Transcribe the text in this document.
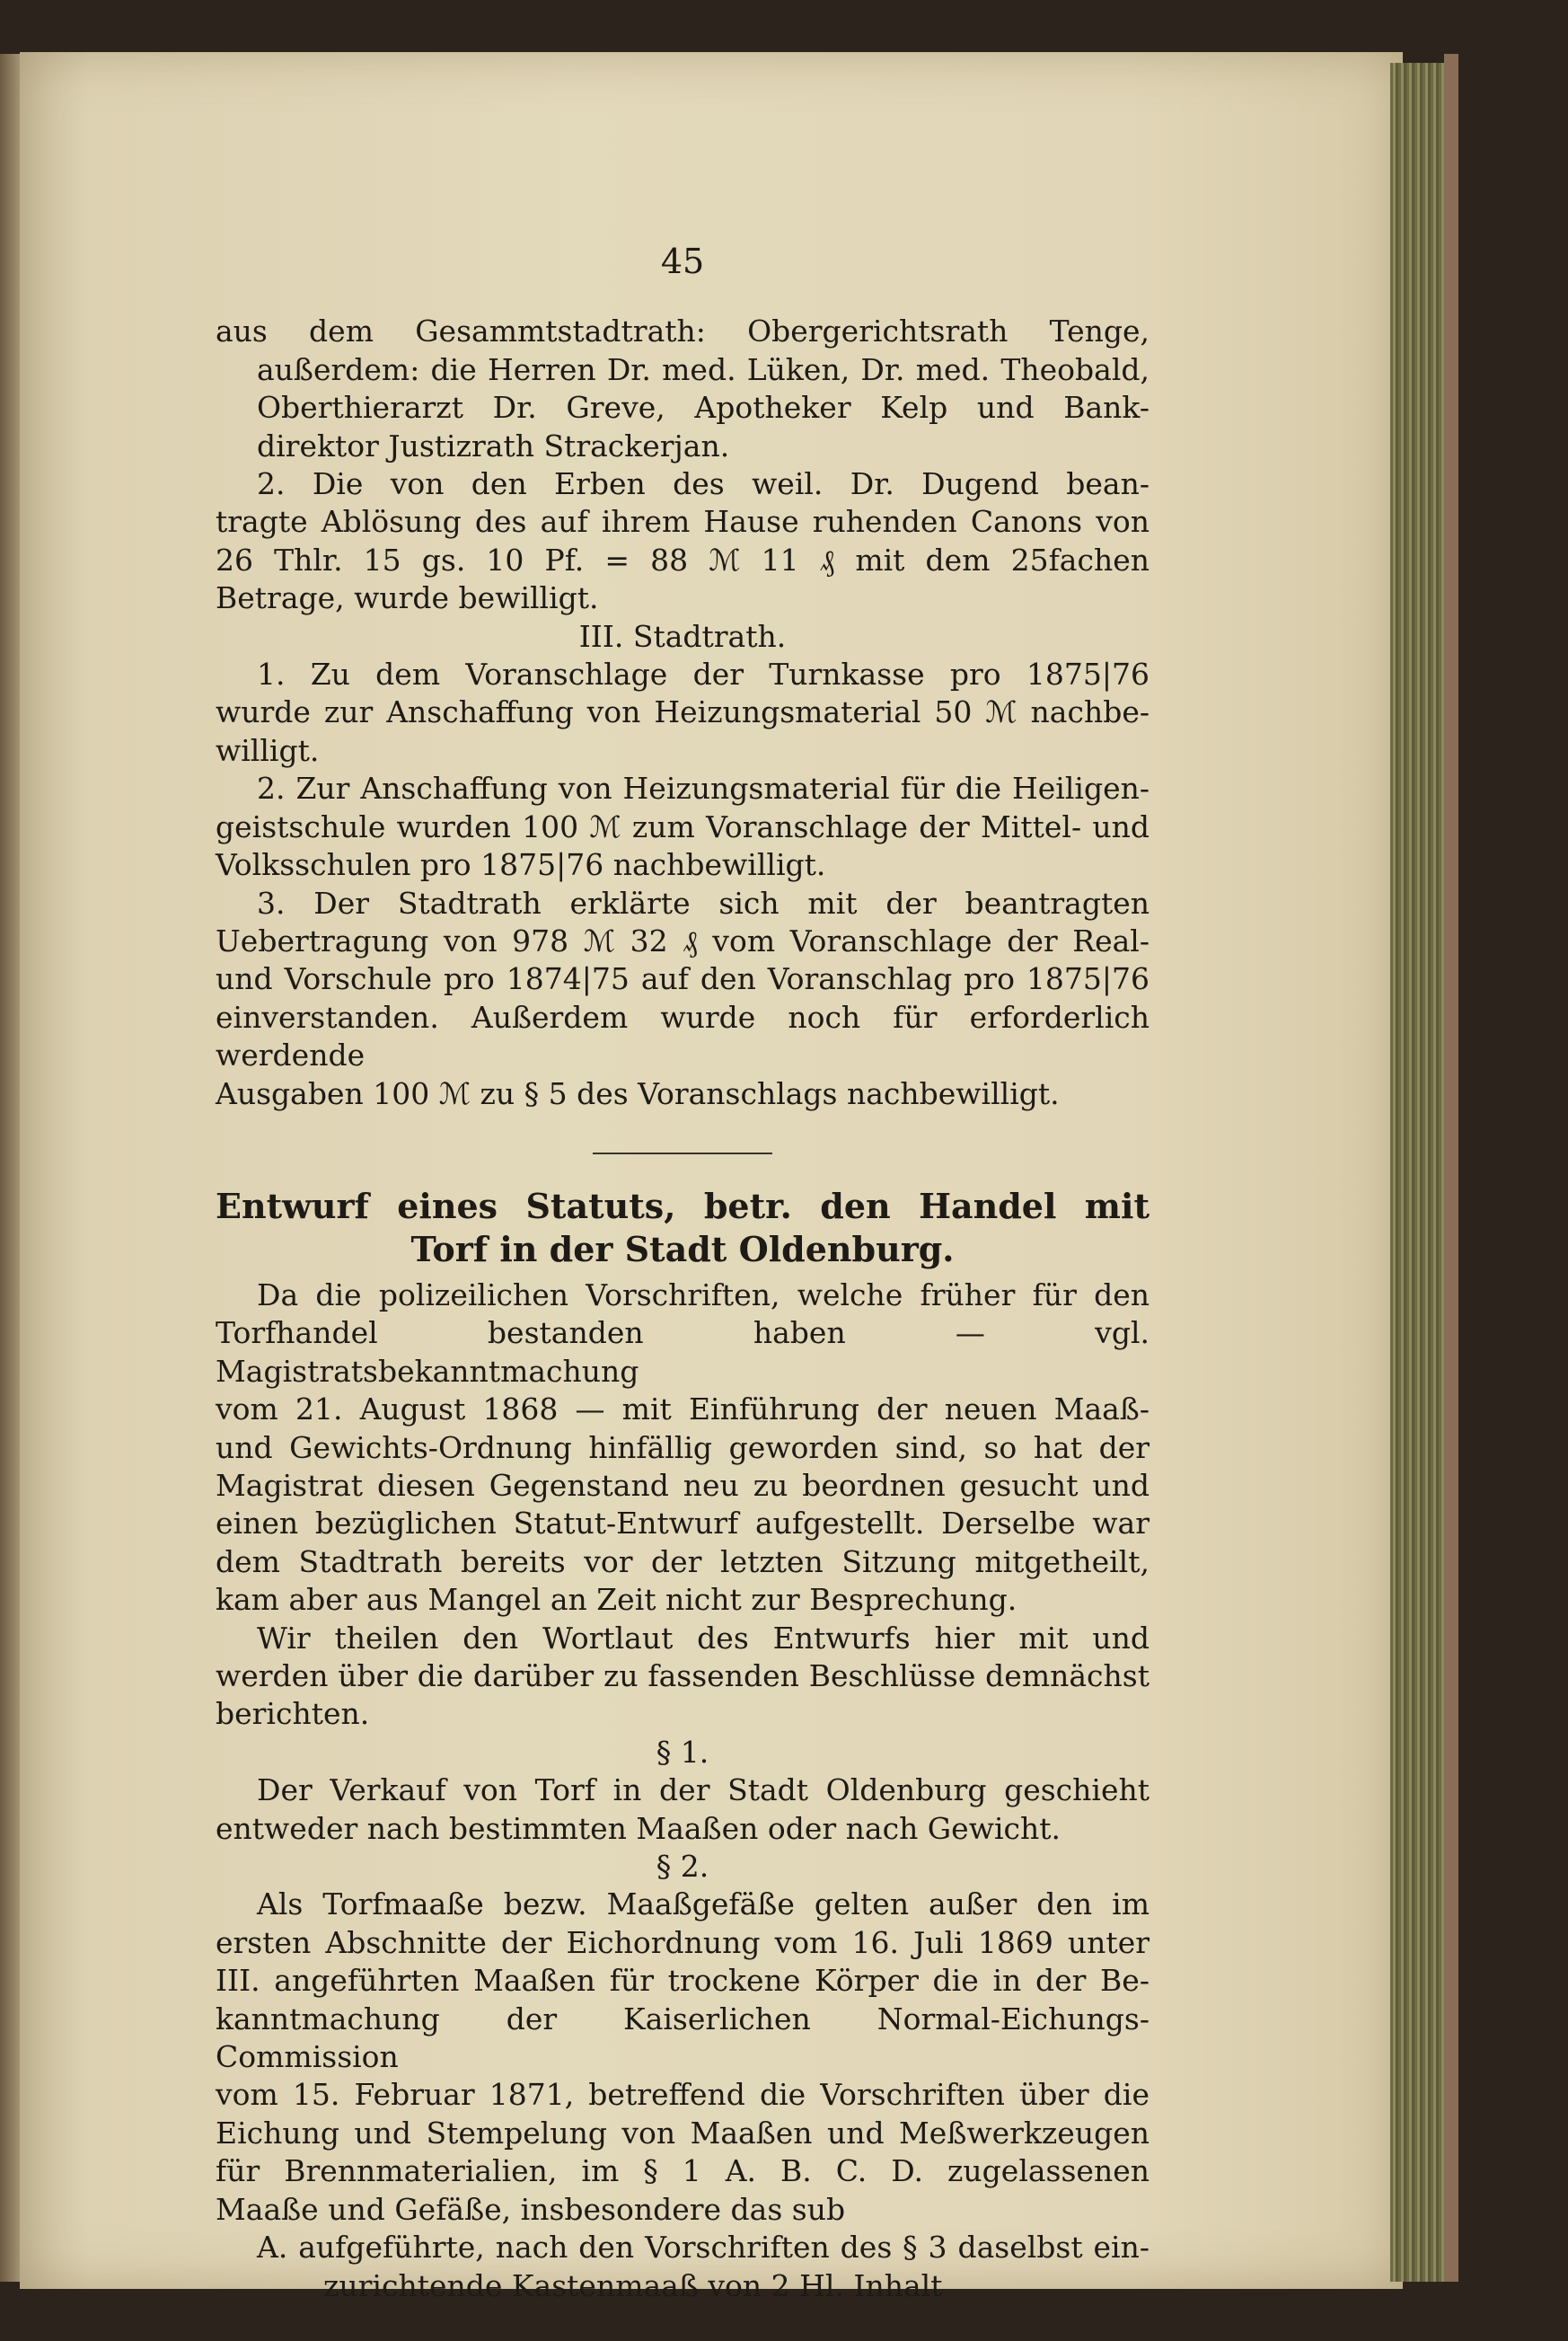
45

aus dem Gesammtstadtrath: Obergerichtsrath Tenge,
außerdem: die Herren Dr. med. Lüken, Dr. med. Theobald,
Oberthierarzt Dr. Greve, Apotheker Kelp und Bank-
direktor Justizrath Strackerjan.

2. Die von den Erben des weil. Dr. Dugend bean-
tragte Ablösung des auf ihrem Hause ruhenden Canons von
26 Thlr. 15 gs. 10 Pf. = 88 ℳ 11 ₰ mit dem 25fachen
Betrage, wurde bewilligt.

III. Stadtrath.

1. Zu dem Voranschlage der Turnkasse pro 1875|76
wurde zur Anschaffung von Heizungsmaterial 50 ℳ nachbe-
willigt.

2. Zur Anschaffung von Heizungsmaterial für die Heiligen-
geistschule wurden 100 ℳ zum Voranschlage der Mittel- und
Volksschulen pro 1875|76 nachbewilligt.

3. Der Stadtrath erklärte sich mit der beantragten
Uebertragung von 978 ℳ 32 ₰ vom Voranschlage der Real-
und Vorschule pro 1874|75 auf den Voranschlag pro 1875|76
einverstanden. Außerdem wurde noch für erforderlich werdende
Ausgaben 100 ℳ zu § 5 des Voranschlags nachbewilligt.

Entwurf eines Statuts, betr. den Handel mit
Torf in der Stadt Oldenburg.

Da die polizeilichen Vorschriften, welche früher für den
Torfhandel bestanden haben — vgl. Magistratsbekanntmachung
vom 21. August 1868 — mit Einführung der neuen Maaß-
und Gewichts-Ordnung hinfällig geworden sind, so hat der
Magistrat diesen Gegenstand neu zu beordnen gesucht und
einen bezüglichen Statut-Entwurf aufgestellt. Derselbe war
dem Stadtrath bereits vor der letzten Sitzung mitgetheilt,
kam aber aus Mangel an Zeit nicht zur Besprechung.

Wir theilen den Wortlaut des Entwurfs hier mit und
werden über die darüber zu fassenden Beschlüsse demnächst
berichten.

§ 1.

Der Verkauf von Torf in der Stadt Oldenburg geschieht
entweder nach bestimmten Maaßen oder nach Gewicht.

§ 2.

Als Torfmaaße bezw. Maaßgefäße gelten außer den im
ersten Abschnitte der Eichordnung vom 16. Juli 1869 unter
III. angeführten Maaßen für trockene Körper die in der Be-
kanntmachung der Kaiserlichen Normal-Eichungs-Commission
vom 15. Februar 1871, betreffend die Vorschriften über die
Eichung und Stempelung von Maaßen und Meßwerkzeugen
für Brennmaterialien, im § 1 A. B. C. D. zugelassenen
Maaße und Gefäße, insbesondere das sub

A. aufgeführte, nach den Vorschriften des § 3 daselbst ein-
zurichtende Kastenmaaß von 2 Hl. Inhalt
